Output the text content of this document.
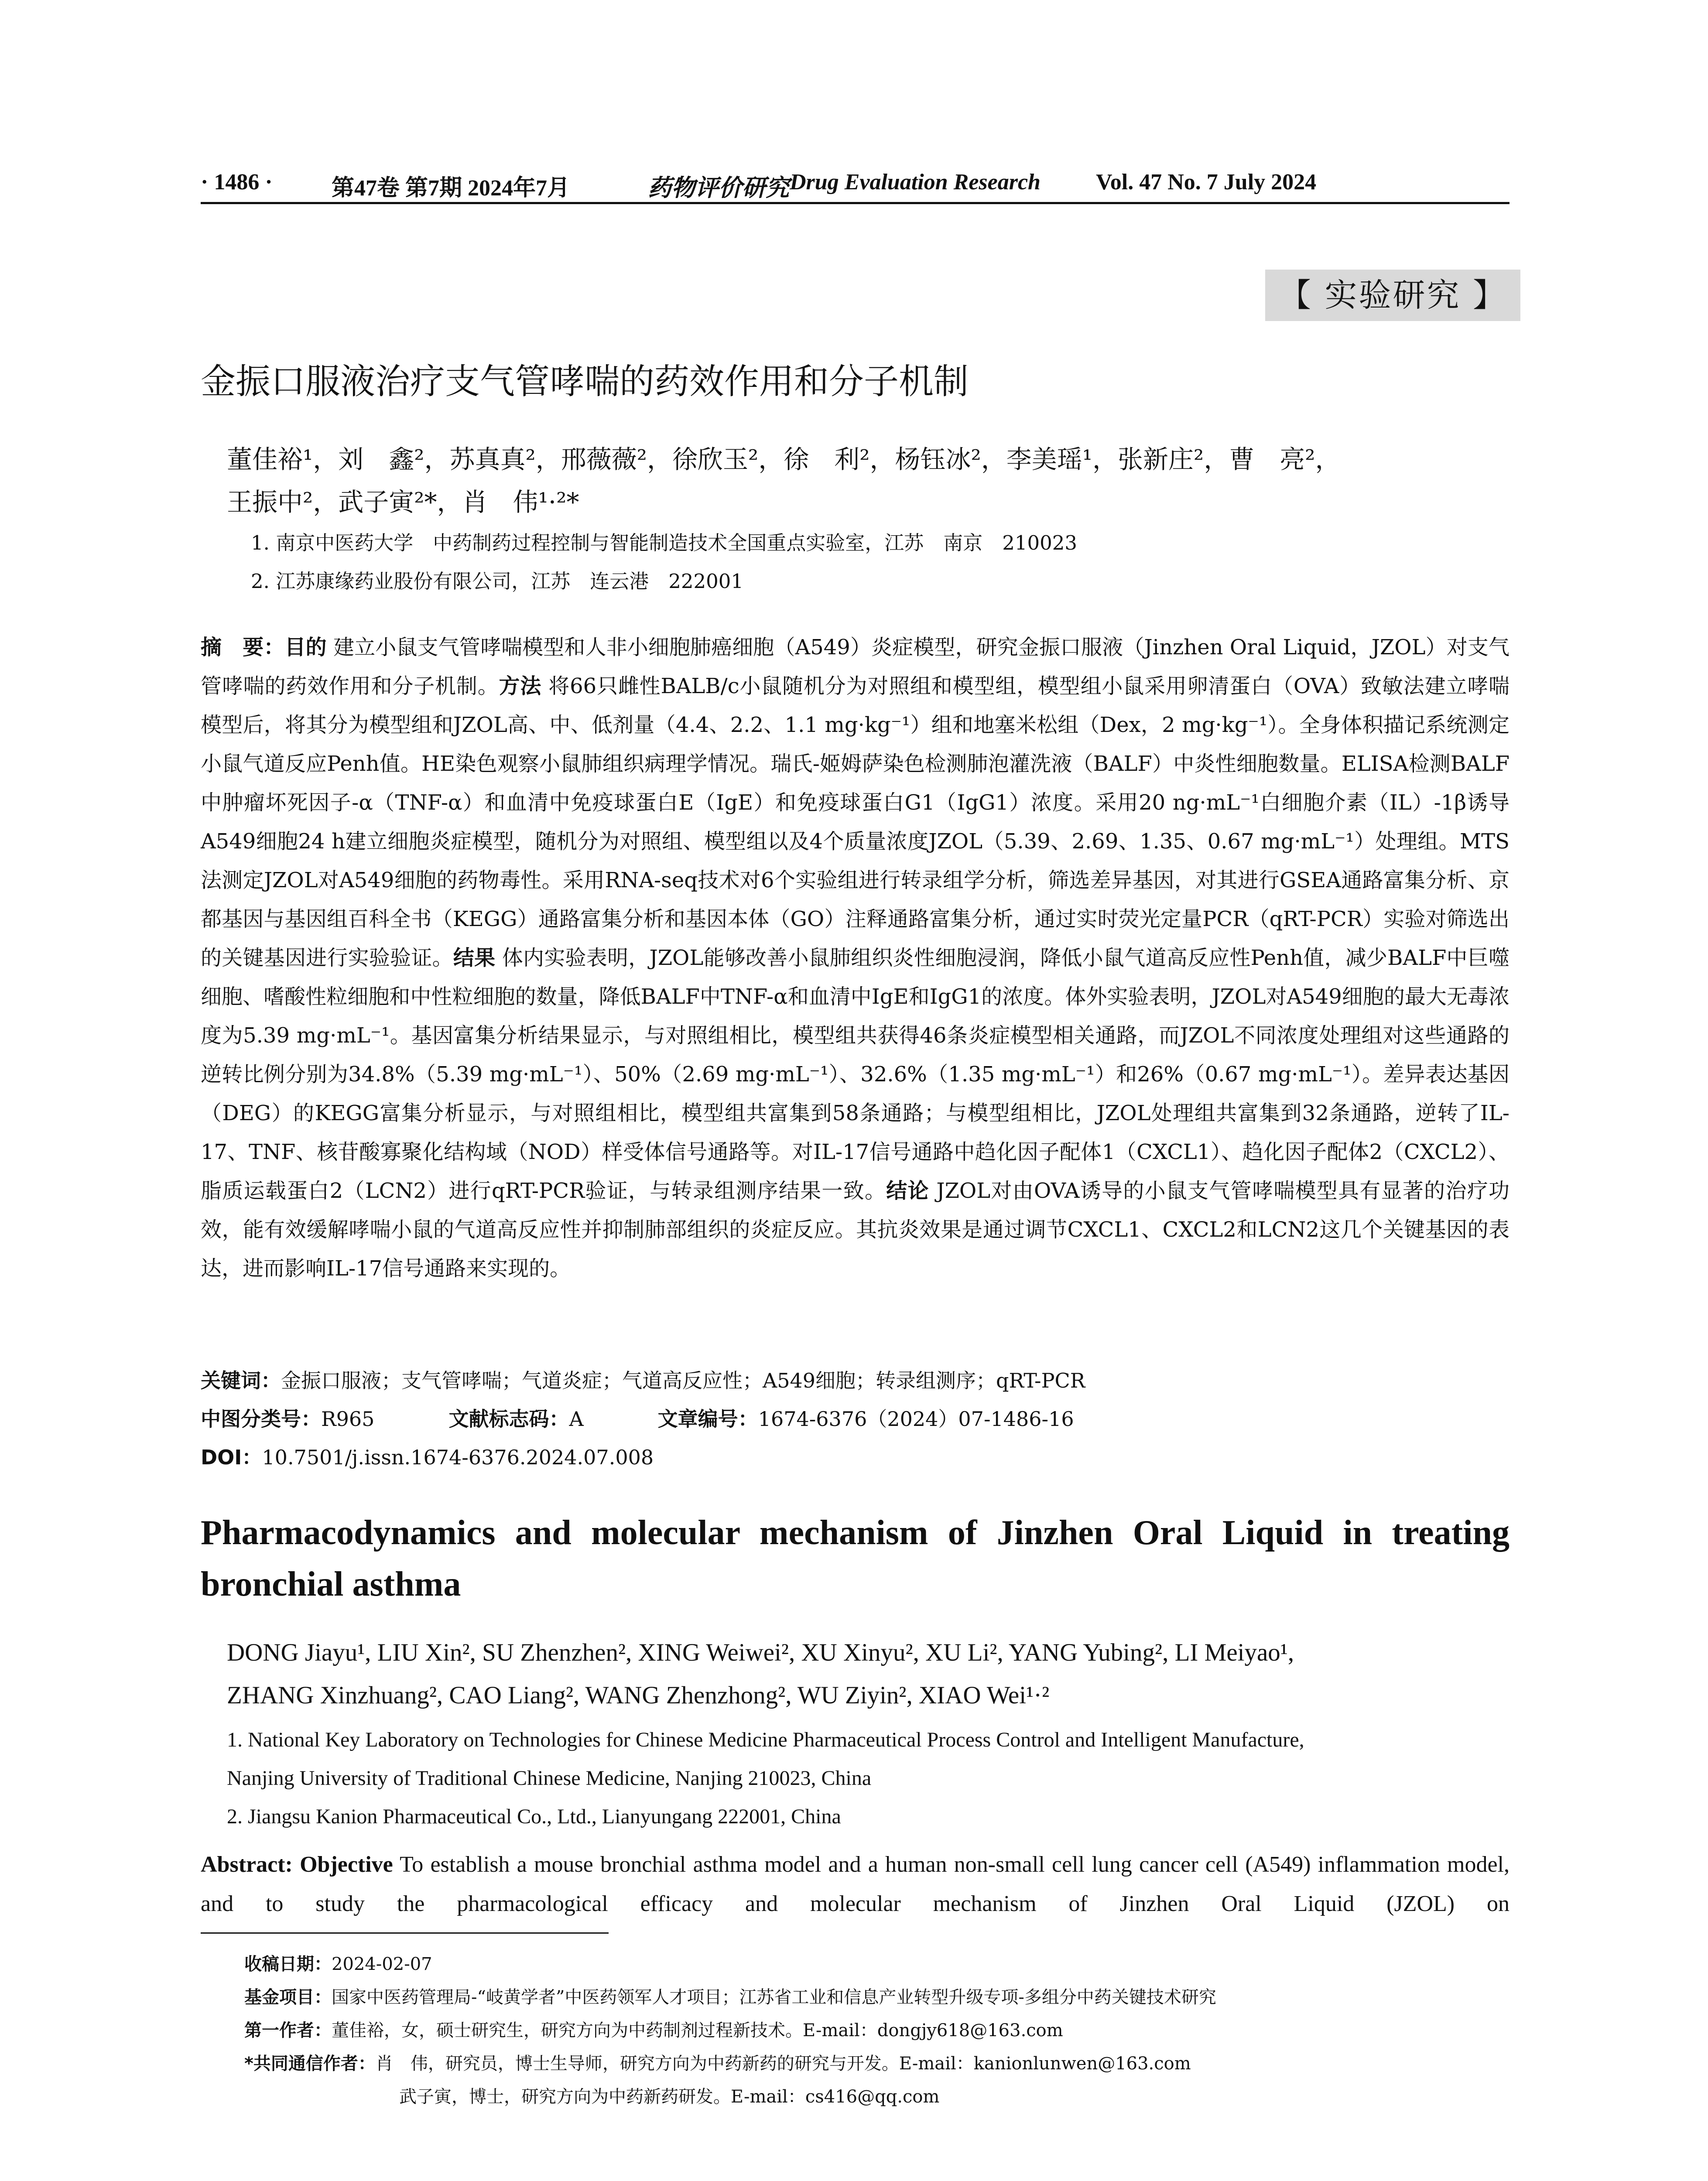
· 1486 ·	第47卷 第7期 2024年7月	药物评价研究 Drug Evaluation Research Vol. 47 No. 7 July 2024
【 实验研究 】
金振口服液治疗支气管哮喘的药效作用和分子机制
董佳裕¹，刘　鑫²，苏真真²，邢薇薇²，徐欣玉²，徐　利²，杨钰冰²，李美瑶¹，张新庄²，曹　亮²，
王振中²，武子寅²*，肖　伟¹·²*
1. 南京中医药大学　中药制药过程控制与智能制造技术全国重点实验室，江苏　南京　210023
2. 江苏康缘药业股份有限公司，江苏　连云港　222001
摘　要：目的 建立小鼠支气管哮喘模型和人非小细胞肺癌细胞（A549）炎症模型，研究金振口服液（Jinzhen Oral Liquid，JZOL）对支气管哮喘的药效作用和分子机制。方法 将66只雌性BALB/c小鼠随机分为对照组和模型组，模型组小鼠采用卵清蛋白（OVA）致敏法建立哮喘模型后，将其分为模型组和JZOL高、中、低剂量（4.4、2.2、1.1 mg·kg⁻¹）组和地塞米松组（Dex，2 mg·kg⁻¹）。全身体积描记系统测定小鼠气道反应Penh值。HE染色观察小鼠肺组织病理学情况。瑞氏-姬姆萨染色检测肺泡灌洗液（BALF）中炎性细胞数量。ELISA检测BALF中肿瘤坏死因子-α（TNF-α）和血清中免疫球蛋白E（IgE）和免疫球蛋白G1（IgG1）浓度。采用20 ng·mL⁻¹白细胞介素（IL）-1β诱导A549细胞24 h建立细胞炎症模型，随机分为对照组、模型组以及4个质量浓度JZOL（5.39、2.69、1.35、0.67 mg·mL⁻¹）处理组。MTS法测定JZOL对A549细胞的药物毒性。采用RNA-seq技术对6个实验组进行转录组学分析，筛选差异基因，对其进行GSEA通路富集分析、京都基因与基因组百科全书（KEGG）通路富集分析和基因本体（GO）注释通路富集分析，通过实时荧光定量PCR（qRT-PCR）实验对筛选出的关键基因进行实验验证。结果 体内实验表明，JZOL能够改善小鼠肺组织炎性细胞浸润，降低小鼠气道高反应性Penh值，减少BALF中巨噬细胞、嗜酸性粒细胞和中性粒细胞的数量，降低BALF中TNF-α和血清中IgE和IgG1的浓度。体外实验表明，JZOL对A549细胞的最大无毒浓度为5.39 mg·mL⁻¹。基因富集分析结果显示，与对照组相比，模型组共获得46条炎症模型相关通路，而JZOL不同浓度处理组对这些通路的逆转比例分别为34.8%（5.39 mg·mL⁻¹）、50%（2.69 mg·mL⁻¹）、32.6%（1.35 mg·mL⁻¹）和26%（0.67 mg·mL⁻¹）。差异表达基因（DEG）的KEGG富集分析显示，与对照组相比，模型组共富集到58条通路；与模型组相比，JZOL处理组共富集到32条通路，逆转了IL-17、TNF、核苷酸寡聚化结构域（NOD）样受体信号通路等。对IL-17信号通路中趋化因子配体1（CXCL1）、趋化因子配体2（CXCL2）、脂质运载蛋白2（LCN2）进行qRT-PCR验证，与转录组测序结果一致。结论 JZOL对由OVA诱导的小鼠支气管哮喘模型具有显著的治疗功效，能有效缓解哮喘小鼠的气道高反应性并抑制肺部组织的炎症反应。其抗炎效果是通过调节CXCL1、CXCL2和LCN2这几个关键基因的表达，进而影响IL-17信号通路来实现的。
关键词：金振口服液；支气管哮喘；气道炎症；气道高反应性；A549细胞；转录组测序；qRT-PCR
中图分类号：R965	文献标志码：A	文章编号：1674-6376（2024）07-1486-16
DOI：10.7501/j.issn.1674-6376.2024.07.008
Pharmacodynamics and molecular mechanism of Jinzhen Oral Liquid in treating bronchial asthma
DONG Jiayu¹, LIU Xin², SU Zhenzhen², XING Weiwei², XU Xinyu², XU Li², YANG Yubing², LI Meiyao¹,
ZHANG Xinzhuang², CAO Liang², WANG Zhenzhong², WU Ziyin², XIAO Wei¹·²
1. National Key Laboratory on Technologies for Chinese Medicine Pharmaceutical Process Control and Intelligent Manufacture,
Nanjing University of Traditional Chinese Medicine, Nanjing 210023, China
2. Jiangsu Kanion Pharmaceutical Co., Ltd., Lianyungang 222001, China
Abstract: Objective To establish a mouse bronchial asthma model and a human non-small cell lung cancer cell (A549) inflammation model, and to study the pharmacological efficacy and molecular mechanism of Jinzhen Oral Liquid (JZOL) on
收稿日期：2024-02-07
基金项目：国家中医药管理局-“岐黄学者”中医药领军人才项目；江苏省工业和信息产业转型升级专项-多组分中药关键技术研究
第一作者：董佳裕，女，硕士研究生，研究方向为中药制剂过程新技术。E-mail：dongjy618@163.com
*共同通信作者：肖　伟，研究员，博士生导师，研究方向为中药新药的研究与开发。E-mail：kanionlunwen@163.com
武子寅，博士，研究方向为中药新药研发。E-mail：cs416@qq.com
